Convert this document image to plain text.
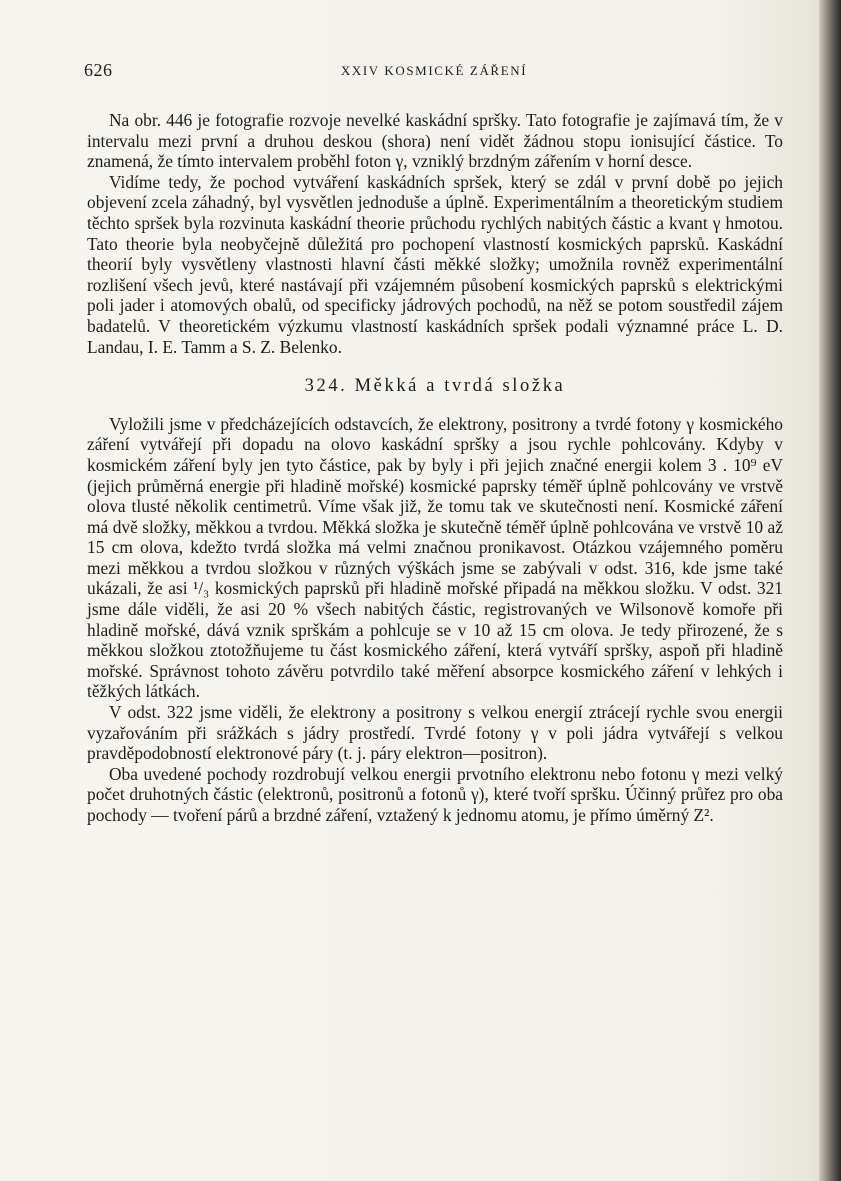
626	XXIV KOSMICKÉ ZÁŘENÍ

Na obr. 446 je fotografie rozvoje nevelké kaskádní spršky. Tato fotografie je zajímavá tím, že v intervalu mezi první a druhou deskou (shora) není vidět žádnou stopu ionisující částice. To znamená, že tímto intervalem proběhl foton γ, vzniklý brzdným zářením v horní desce.

Vidíme tedy, že pochod vytváření kaskádních spršek, který se zdál v první době po jejich objevení zcela záhadný, byl vysvětlen jednoduše a úplně. Experimentálním a theoretickým studiem těchto spršek byla rozvinuta kaskádní theorie průchodu rychlých nabitých částic a kvant γ hmotou. Tato theorie byla neobyčejně důležitá pro pochopení vlastností kosmických paprsků. Kaskádní theorií byly vysvětleny vlastnosti hlavní části měkké složky; umožnila rovněž experimentální rozlišení všech jevů, které nastávají při vzájemném působení kosmických paprsků s elektrickými poli jader i atomových obalů, od specificky jádrových pochodů, na něž se potom soustředil zájem badatelů. V theoretickém výzkumu vlastností kaskádních spršek podali významné práce L. D. Landau, I. E. Tamm a S. Z. Belenko.

324. Měkká a tvrdá složka

Vyložili jsme v předcházejících odstavcích, že elektrony, positrony a tvrdé fotony γ kosmického záření vytvářejí při dopadu na olovo kaskádní spršky a jsou rychle pohlcovány. Kdyby v kosmickém záření byly jen tyto částice, pak by byly i při jejich značné energii kolem 3 . 10⁹ eV (jejich průměrná energie při hladině mořské) kosmické paprsky téměř úplně pohlcovány ve vrstvě olova tlusté několik centimetrů. Víme však již, že tomu tak ve skutečnosti není. Kosmické záření má dvě složky, měkkou a tvrdou. Měkká složka je skutečně téměř úplně pohlcována ve vrstvě 10 až 15 cm olova, kdežto tvrdá složka má velmi značnou pronikavost. Otázkou vzájemného poměru mezi měkkou a tvrdou složkou v různých výškách jsme se zabývali v odst. 316, kde jsme také ukázali, že asi ¹/₃ kosmických paprsků při hladině mořské připadá na měkkou složku. V odst. 321 jsme dále viděli, že asi 20 % všech nabitých částic, registrovaných ve Wilsonově komoře při hladině mořské, dává vznik sprškám a pohlcuje se v 10 až 15 cm olova. Je tedy přirozené, že s měkkou složkou ztotožňujeme tu část kosmického záření, která vytváří spršky, aspoň při hladině mořské. Správnost tohoto závěru potvrdilo také měření absorpce kosmického záření v lehkých i těžkých látkách.

V odst. 322 jsme viděli, že elektrony a positrony s velkou energií ztrácejí rychle svou energii vyzařováním při srážkách s jádry prostředí. Tvrdé fotony γ v poli jádra vytvářejí s velkou pravděpodobností elektronové páry (t. j. páry elektron—positron).

Oba uvedené pochody rozdrobují velkou energii prvotního elektronu nebo fotonu γ mezi velký počet druhotných částic (elektronů, positronů a fotonů γ), které tvoří spršku. Účinný průřez pro oba pochody — tvoření párů a brzdné záření, vztažený k jednomu atomu, je přímo úměrný Z².
